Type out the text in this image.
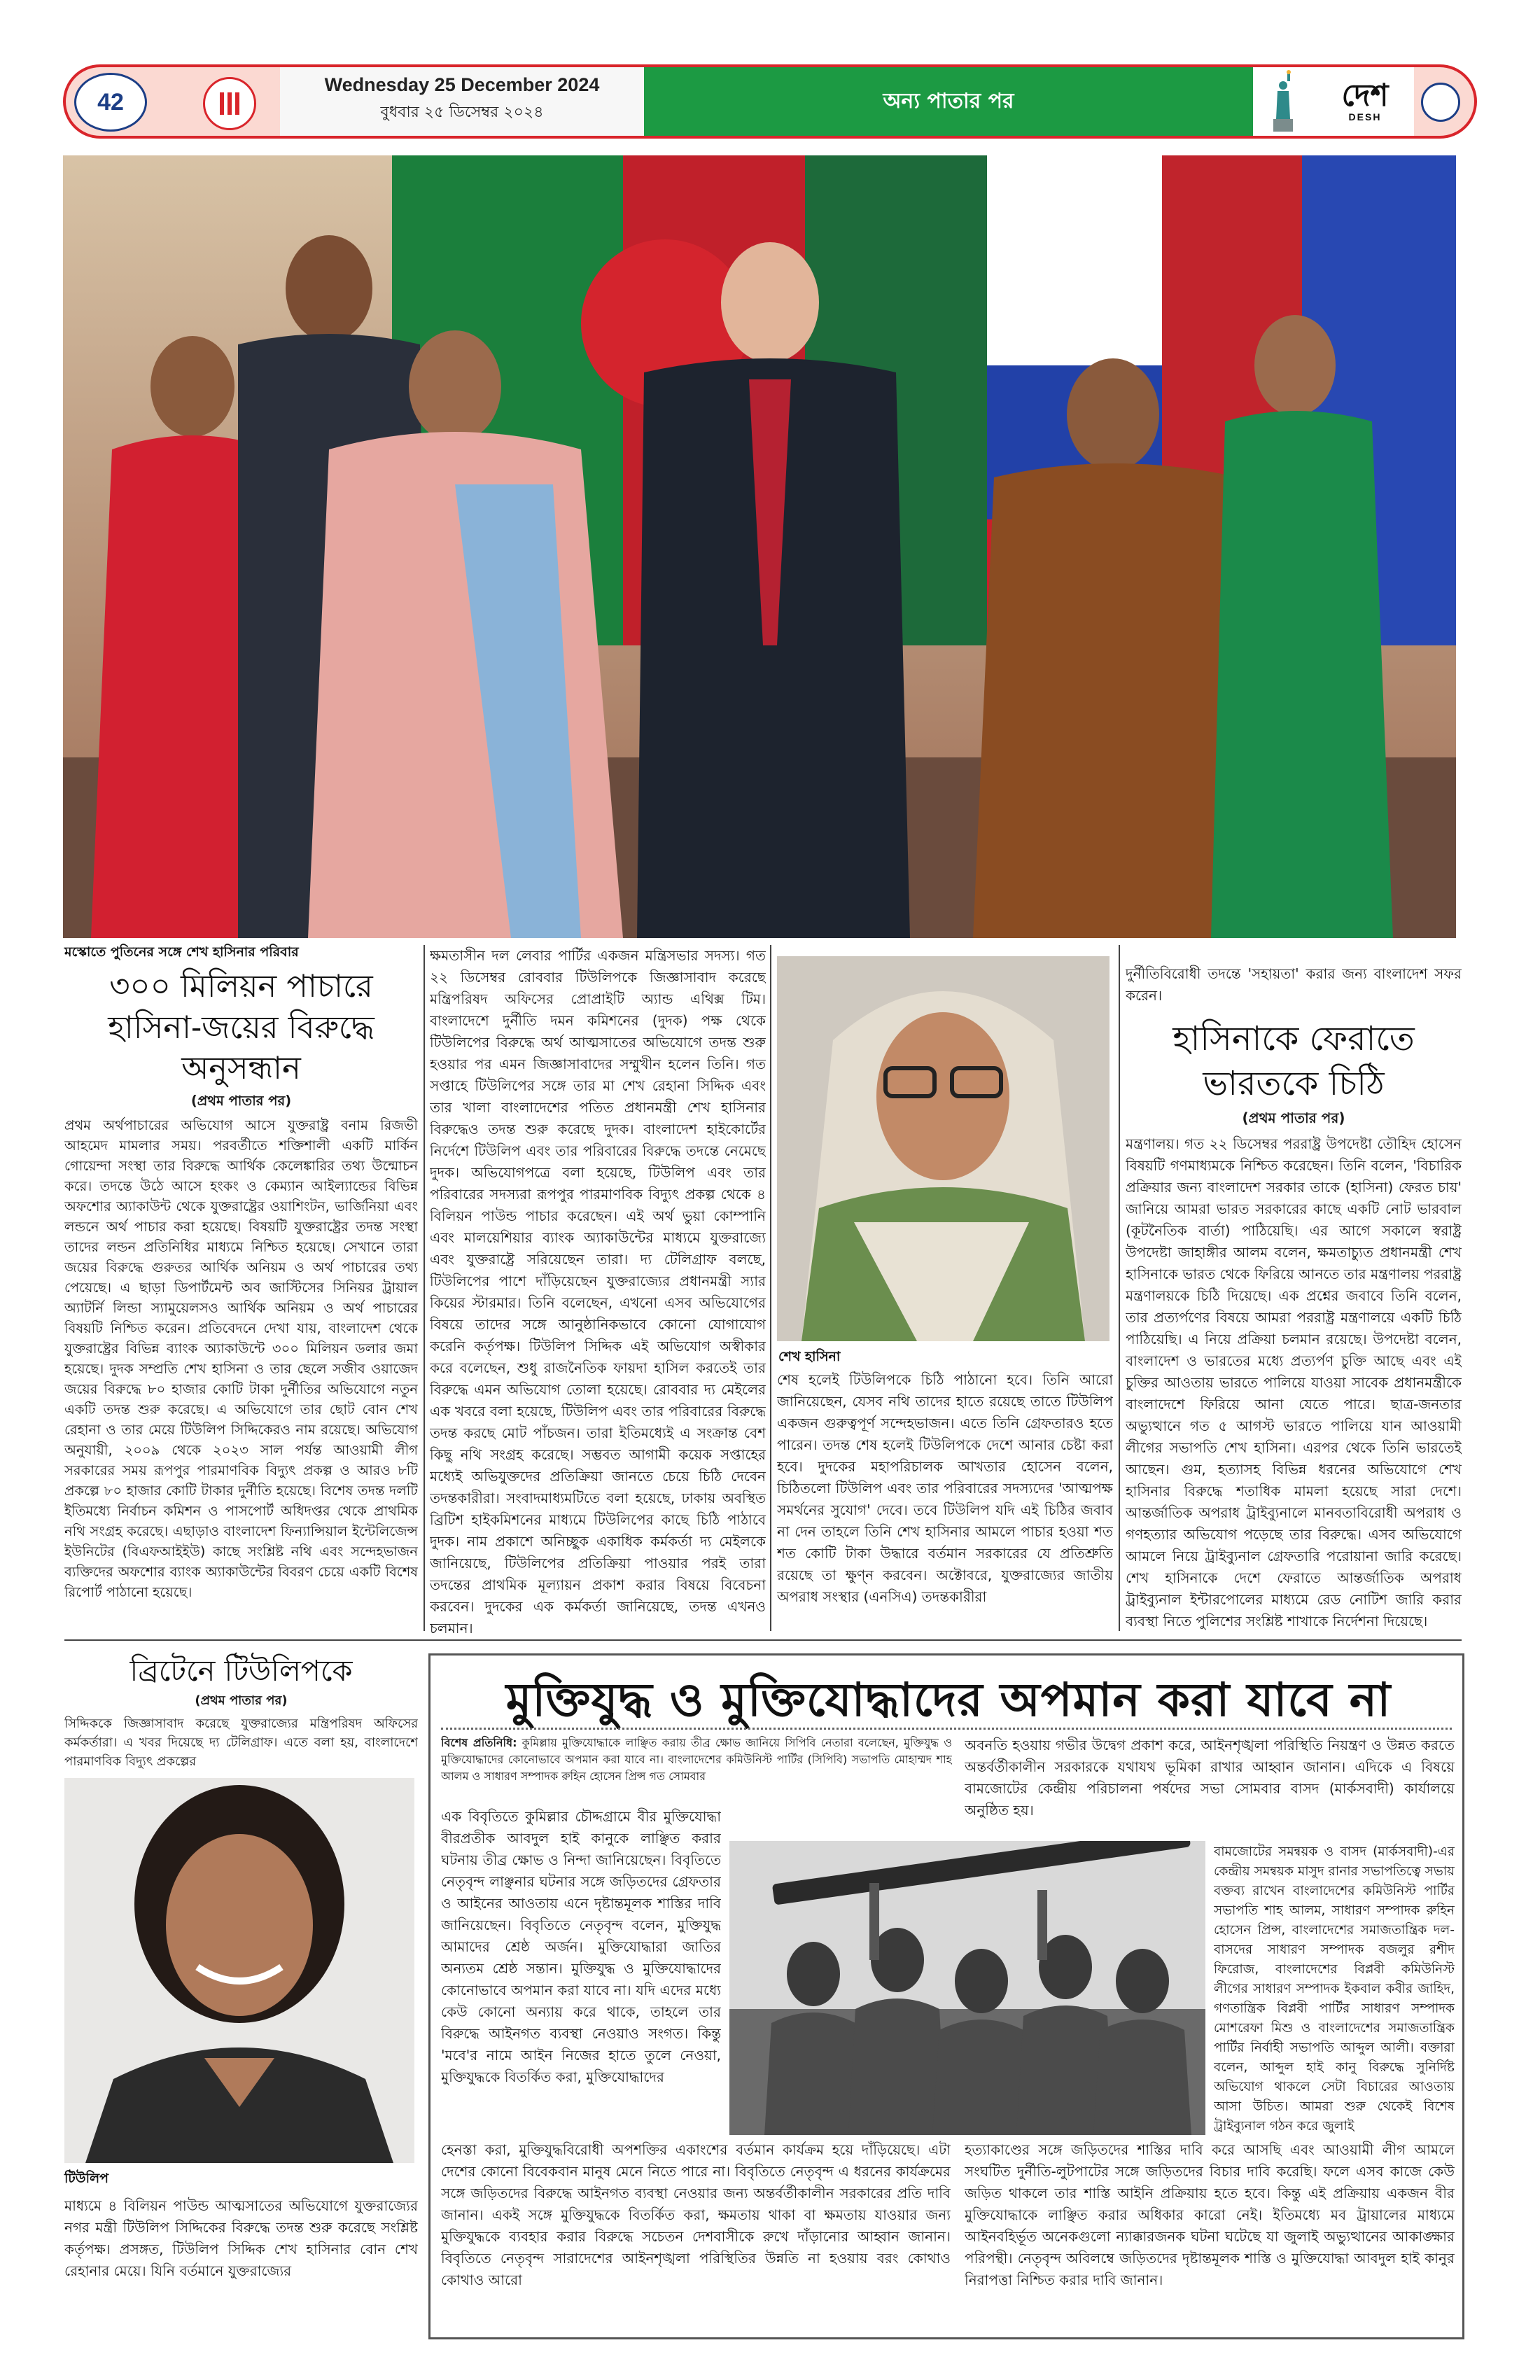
42
Wednesday 25 December 2024
বুধবার ২৫ ডিসেম্বর ২০২৪	অন্য পাতার পর	দেশ
DESH
মস্কোতে পুতিনের সঙ্গে শেখ হাসিনার পরিবার
৩০০ মিলিয়ন পাচারে হাসিনা-জয়ের বিরুদ্ধে অনুসন্ধান
(প্রথম পাতার পর)
প্রথম অর্থপাচারের অভিযোগ আসে যুক্তরাষ্ট্র বনাম রিজভী আহমেদ মামলার সময়। পরবর্তীতে শক্তিশালী একটি মার্কিন গোয়েন্দা সংস্থা তার বিরুদ্ধে আর্থিক কেলেঙ্কারির তথ্য উন্মোচন করে। তদন্তে উঠে আসে হংকং ও কেম্যান আইল্যান্ডের বিভিন্ন অফশোর অ্যাকাউন্ট থেকে যুক্তরাষ্ট্রের ওয়াশিংটন, ভার্জিনিয়া এবং লন্ডনে অর্থ পাচার করা হয়েছে। বিষয়টি যুক্তরাষ্ট্রের তদন্ত সংস্থা তাদের লন্ডন প্রতিনিধির মাধ্যমে নিশ্চিত হয়েছে। সেখানে তারা জয়ের বিরুদ্ধে গুরুতর আর্থিক অনিয়ম ও অর্থ পাচারের তথ্য পেয়েছে। এ ছাড়া ডিপার্টমেন্ট অব জাস্টিসের সিনিয়র ট্রায়াল অ্যাটর্নি লিন্ডা স্যামুয়েলসও আর্থিক অনিয়ম ও অর্থ পাচারের বিষয়টি নিশ্চিত করেন। প্রতিবেদনে দেখা যায়, বাংলাদেশ থেকে যুক্তরাষ্ট্রের বিভিন্ন ব্যাংক অ্যাকাউন্টে ৩০০ মিলিয়ন ডলার জমা হয়েছে। দুদক সম্প্রতি শেখ হাসিনা ও তার ছেলে সজীব ওয়াজেদ জয়ের বিরুদ্ধে ৮০ হাজার কোটি টাকা দুর্নীতির অভিযোগে নতুন একটি তদন্ত শুরু করেছে। এ অভিযোগে তার ছোট বোন শেখ রেহানা ও তার মেয়ে টিউলিপ সিদ্দিকেরও নাম রয়েছে। অভিযোগ অনুযায়ী, ২০০৯ থেকে ২০২৩ সাল পর্যন্ত আওয়ামী লীগ সরকারের সময় রূপপুর পারমাণবিক বিদ্যুৎ প্রকল্প ও আরও ৮টি প্রকল্পে ৮০ হাজার কোটি টাকার দুর্নীতি হয়েছে। বিশেষ তদন্ত দলটি ইতিমধ্যে নির্বাচন কমিশন ও পাসপোর্ট অধিদপ্তর থেকে প্রাথমিক নথি সংগ্রহ করেছে। এছাড়াও বাংলাদেশ ফিন্যান্সিয়াল ইন্টেলিজেন্স ইউনিটের (বিএফআইইউ) কাছে সংশ্লিষ্ট নথি এবং সন্দেহভাজন ব্যক্তিদের অফশোর ব্যাংক অ্যাকাউন্টের বিবরণ চেয়ে একটি বিশেষ রিপোর্ট পাঠানো হয়েছে।
ক্ষমতাসীন দল লেবার পার্টির একজন মন্ত্রিসভার সদস্য। গত ২২ ডিসেম্বর রোববার টিউলিপকে জিজ্ঞাসাবাদ করেছে মন্ত্রিপরিষদ অফিসের প্রোপ্রাইটি অ্যান্ড এথিক্স টিম। বাংলাদেশে দুর্নীতি দমন কমিশনের (দুদক) পক্ষ থেকে টিউলিপের বিরুদ্ধে অর্থ আত্মসাতের অভিযোগে তদন্ত শুরু হওয়ার পর এমন জিজ্ঞাসাবাদের সম্মুখীন হলেন তিনি। গত সপ্তাহে টিউলিপের সঙ্গে তার মা শেখ রেহানা সিদ্দিক এবং তার খালা বাংলাদেশের পতিত প্রধানমন্ত্রী শেখ হাসিনার বিরুদ্ধেও তদন্ত শুরু করেছে দুদক। বাংলাদেশ হাইকোর্টের নির্দেশে টিউলিপ এবং তার পরিবারের বিরুদ্ধে তদন্তে নেমেছে দুদক। অভিযোগপত্রে বলা হয়েছে, টিউলিপ এবং তার পরিবারের সদস্যরা রূপপুর পারমাণবিক বিদ্যুৎ প্রকল্প থেকে ৪ বিলিয়ন পাউন্ড পাচার করেছেন। এই অর্থ ভুয়া কোম্পানি এবং মালয়েশিয়ার ব্যাংক অ্যাকাউন্টের মাধ্যমে যুক্তরাজ্যে এবং যুক্তরাষ্ট্রে সরিয়েছেন তারা। দ্য টেলিগ্রাফ বলছে, টিউলিপের পাশে দাঁড়িয়েছেন যুক্তরাজ্যের প্রধানমন্ত্রী স্যার কিয়ের স্টারমার। তিনি বলেছেন, এখনো এসব অভিযোগের বিষয়ে তাদের সঙ্গে আনুষ্ঠানিকভাবে কোনো যোগাযোগ করেনি কর্তৃপক্ষ। টিউলিপ সিদ্দিক এই অভিযোগ অস্বীকার করে বলেছেন, শুধু রাজনৈতিক ফায়দা হাসিল করতেই তার বিরুদ্ধে এমন অভিযোগ তোলা হয়েছে। রোববার দ্য মেইলের এক খবরে বলা হয়েছে, টিউলিপ এবং তার পরিবারের বিরুদ্ধে তদন্ত করছে মোট পাঁচজন। তারা ইতিমধ্যেই এ সংক্রান্ত বেশ কিছু নথি সংগ্রহ করেছে। সম্ভবত আগামী কয়েক সপ্তাহের মধ্যেই অভিযুক্তদের প্রতিক্রিয়া জানতে চেয়ে চিঠি দেবেন তদন্তকারীরা। সংবাদমাধ্যমটিতে বলা হয়েছে, ঢাকায় অবস্থিত ব্রিটিশ হাইকমিশনের মাধ্যমে টিউলিপের কাছে চিঠি পাঠাবে দুদক। নাম প্রকাশে অনিচ্ছুক একাধিক কর্মকর্তা দ্য মেইলকে জানিয়েছে, টিউলিপের প্রতিক্রিয়া পাওয়ার পরই তারা তদন্তের প্রাথমিক মূল্যায়ন প্রকাশ করার বিষয়ে বিবেচনা করবেন। দুদকের এক কর্মকর্তা জানিয়েছে, তদন্ত এখনও চলমান।
শেখ হাসিনা
শেষ হলেই টিউলিপকে চিঠি পাঠানো হবে। তিনি আরো জানিয়েছেন, যেসব নথি তাদের হাতে রয়েছে তাতে টিউলিপ একজন গুরুত্বপূর্ণ সন্দেহভাজন। এতে তিনি গ্রেফতারও হতে পারেন। তদন্ত শেষ হলেই টিউলিপকে দেশে আনার চেষ্টা করা হবে। দুদকের মহাপরিচালক আখতার হোসেন বলেন, চিঠিতলো টিউলিপ এবং তার পরিবারের সদস্যদের 'আত্মপক্ষ সমর্থনের সুযোগ' দেবে। তবে টিউলিপ যদি এই চিঠির জবাব না দেন তাহলে তিনি শেখ হাসিনার আমলে পাচার হওয়া শত শত কোটি টাকা উদ্ধারে বর্তমান সরকারের যে প্রতিশ্রুতি রয়েছে তা ক্ষুণ্ন করবেন। অক্টোবরে, যুক্তরাজ্যের জাতীয় অপরাধ সংস্থার (এনসিএ) তদন্তকারীরা
দুর্নীতিবিরোধী তদন্তে 'সহায়তা' করার জন্য বাংলাদেশ সফর করেন।
হাসিনাকে ফেরাতে ভারতকে চিঠি
(প্রথম পাতার পর)
মন্ত্রণালয়। গত ২২ ডিসেম্বর পররাষ্ট্র উপদেষ্টা তৌহিদ হোসেন বিষয়টি গণমাধ্যমকে নিশ্চিত করেছেন। তিনি বলেন, 'বিচারিক প্রক্রিয়ার জন্য বাংলাদেশ সরকার তাকে (হাসিনা) ফেরত চায়' জানিয়ে আমরা ভারত সরকারের কাছে একটি নোট ভারবাল (কূটনৈতিক বার্তা) পাঠিয়েছি। এর আগে সকালে স্বরাষ্ট্র উপদেষ্টা জাহাঙ্গীর আলম বলেন, ক্ষমতাচ্যুত প্রধানমন্ত্রী শেখ হাসিনাকে ভারত থেকে ফিরিয়ে আনতে তার মন্ত্রণালয় পররাষ্ট্র মন্ত্রণালয়কে চিঠি দিয়েছে। এক প্রশ্নের জবাবে তিনি বলেন, তার প্রত্যর্পণের বিষয়ে আমরা পররাষ্ট্র মন্ত্রণালয়ে একটি চিঠি পাঠিয়েছি। এ নিয়ে প্রক্রিয়া চলমান রয়েছে। উপদেষ্টা বলেন, বাংলাদেশ ও ভারতের মধ্যে প্রত্যর্পণ চুক্তি আছে এবং এই চুক্তির আওতায় ভারতে পালিয়ে যাওয়া সাবেক প্রধানমন্ত্রীকে বাংলাদেশে ফিরিয়ে আনা যেতে পারে। ছাত্র-জনতার অভ্যুত্থানে গত ৫ আগস্ট ভারতে পালিয়ে যান আওয়ামী লীগের সভাপতি শেখ হাসিনা। এরপর থেকে তিনি ভারতেই আছেন। গুম, হত্যাসহ বিভিন্ন ধরনের অভিযোগে শেখ হাসিনার বিরুদ্ধে শতাধিক মামলা হয়েছে সারা দেশে। আন্তর্জাতিক অপরাধ ট্রাইব্যুনালে মানবতাবিরোধী অপরাধ ও গণহত্যার অভিযোগ পড়েছে তার বিরুদ্ধে। এসব অভিযোগে আমলে নিয়ে ট্রাইব্যুনাল গ্রেফতারি পরোয়ানা জারি করেছে। শেখ হাসিনাকে দেশে ফেরাতে আন্তর্জাতিক অপরাধ ট্রাইব্যুনাল ইন্টারপোলের মাধ্যমে রেড নোটিশ জারি করার ব্যবস্থা নিতে পুলিশের সংশ্লিষ্ট শাখাকে নির্দেশনা দিয়েছে।
ব্রিটেনে টিউলিপকে
(প্রথম পাতার পর)
সিদ্দিককে জিজ্ঞাসাবাদ করেছে যুক্তরাজ্যের মন্ত্রিপরিষদ অফিসের কর্মকর্তারা। এ খবর দিয়েছে দ্য টেলিগ্রাফ। এতে বলা হয়, বাংলাদেশে পারমাণবিক বিদ্যুৎ প্রকল্পের
টিউলিপ
মাধ্যমে ৪ বিলিয়ন পাউন্ড আত্মসাতের অভিযোগে যুক্তরাজ্যের নগর মন্ত্রী টিউলিপ সিদ্দিকের বিরুদ্ধে তদন্ত শুরু করেছে সংশ্লিষ্ট কর্তৃপক্ষ। প্রসঙ্গত, টিউলিপ সিদ্দিক শেখ হাসিনার বোন শেখ রেহানার মেয়ে। যিনি বর্তমানে যুক্তরাজ্যের
মুক্তিযুদ্ধ ও মুক্তিযোদ্ধাদের অপমান করা যাবে না
বিশেষ প্রতিনিধি: কুমিল্লায় মুক্তিযোদ্ধাকে লাঞ্ছিত করায় তীব্র ক্ষোভ জানিয়ে সিপিবি নেতারা বলেছেন, মুক্তিযুদ্ধ ও মুক্তিযোদ্ধাদের কোনোভাবে অপমান করা যাবে না। বাংলাদেশের কমিউনিস্ট পার্টির (সিপিবি) সভাপতি মোহাম্মদ শাহ আলম ও সাধারণ সম্পাদক রুহিন হোসেন প্রিন্স গত সোমবার
এক বিবৃতিতে কুমিল্লার চৌদ্দগ্রামে বীর মুক্তিযোদ্ধা বীরপ্রতীক আবদুল হাই কানুকে লাঞ্ছিত করার ঘটনায় তীব্র ক্ষোভ ও নিন্দা জানিয়েছেন। বিবৃতিতে নেতৃবৃন্দ লাঞ্ছনার ঘটনার সঙ্গে জড়িতদের গ্রেফতার ও আইনের আওতায় এনে দৃষ্টান্তমূলক শাস্তির দাবি জানিয়েছেন। বিবৃতিতে নেতৃবৃন্দ বলেন, মুক্তিযুদ্ধ আমাদের শ্রেষ্ঠ অর্জন। মুক্তিযোদ্ধারা জাতির অন্যতম শ্রেষ্ঠ সন্তান। মুক্তিযুদ্ধ ও মুক্তিযোদ্ধাদের কোনোভাবে অপমান করা যাবে না। যদি এদের মধ্যে কেউ কোনো অন্যায় করে থাকে, তাহলে তার বিরুদ্ধে আইনগত ব্যবস্থা নেওয়াও সংগত। কিন্তু 'মবে'র নামে আইন নিজের হাতে তুলে নেওয়া, মুক্তিযুদ্ধকে বিতর্কিত করা, মুক্তিযোদ্ধাদের
অবনতি হওয়ায় গভীর উদ্বেগ প্রকাশ করে, আইনশৃঙ্খলা পরিস্থিতি নিয়ন্ত্রণ ও উন্নত করতে অন্তর্বর্তীকালীন সরকারকে যথাযথ ভূমিকা রাখার আহ্বান জানান। এদিকে এ বিষয়ে বামজোটের কেন্দ্রীয় পরিচালনা পর্ষদের সভা সোমবার বাসদ (মার্কসবাদী) কার্যালয়ে অনুষ্ঠিত হয়।
বামজোটের সমন্বয়ক ও বাসদ (মার্কসবাদী)-এর কেন্দ্রীয় সমন্বয়ক মাসুদ রানার সভাপতিত্বে সভায় বক্তব্য রাখেন বাংলাদেশের কমিউনিস্ট পার্টির সভাপতি শাহ আলম, সাধারণ সম্পাদক রুহিন হোসেন প্রিন্স, বাংলাদেশের সমাজতান্ত্রিক দল-বাসদের সাধারণ সম্পাদক বজলুর রশীদ ফিরোজ, বাংলাদেশের বিপ্লবী কমিউনিস্ট লীগের সাধারণ সম্পাদক ইকবাল কবীর জাহিদ, গণতান্ত্রিক বিপ্লবী পার্টির সাধারণ সম্পাদক মোশরেফা মিশু ও বাংলাদেশের সমাজতান্ত্রিক পার্টির নির্বাহী সভাপতি আব্দুল আলী। বক্তারা বলেন, আব্দুল হাই কানু বিরুদ্ধে সুনির্দিষ্ট অভিযোগ থাকলে সেটা বিচারের আওতায় আসা উচিত। আমরা শুরু থেকেই বিশেষ ট্রাইব্যুনাল গঠন করে জুলাই
হেনস্তা করা, মুক্তিযুদ্ধবিরোধী অপশক্তির একাংশের বর্তমান কার্যক্রম হয়ে দাঁড়িয়েছে। এটা দেশের কোনো বিবেকবান মানুষ মেনে নিতে পারে না। বিবৃতিতে নেতৃবৃন্দ এ ধরনের কার্যক্রমের সঙ্গে জড়িতদের বিরুদ্ধে আইনগত ব্যবস্থা নেওয়ার জন্য অন্তর্বর্তীকালীন সরকারের প্রতি দাবি জানান। একই সঙ্গে মুক্তিযুদ্ধকে বিতর্কিত করা, ক্ষমতায় থাকা বা ক্ষমতায় যাওয়ার জন্য মুক্তিযুদ্ধকে ব্যবহার করার বিরুদ্ধে সচেতন দেশবাসীকে রুখে দাঁড়ানোর আহ্বান জানান। বিবৃতিতে নেতৃবৃন্দ সারাদেশের আইনশৃঙ্খলা পরিস্থিতির উন্নতি না হওয়ায় বরং কোথাও কোথাও আরো
হত্যাকাণ্ডের সঙ্গে জড়িতদের শাস্তির দাবি করে আসছি এবং আওয়ামী লীগ আমলে সংঘটিত দুর্নীতি-লুটপাটের সঙ্গে জড়িতদের বিচার দাবি করেছি। ফলে এসব কাজে কেউ জড়িত থাকলে তার শাস্তি আইনি প্রক্রিয়ায় হতে হবে। কিন্তু এই প্রক্রিয়ায় একজন বীর মুক্তিযোদ্ধাকে লাঞ্ছিত করার অধিকার কারো নেই। ইতিমধ্যে মব ট্রায়ালের মাধ্যমে আইনবহির্ভূত অনেকগুলো ন্যাক্কারজনক ঘটনা ঘটেছে যা জুলাই অভ্যুত্থানের আকাঙ্ক্ষার পরিপন্থী। নেতৃবৃন্দ অবিলম্বে জড়িতদের দৃষ্টান্তমূলক শাস্তি ও মুক্তিযোদ্ধা আবদুল হাই কানুর নিরাপত্তা নিশ্চিত করার দাবি জানান।
